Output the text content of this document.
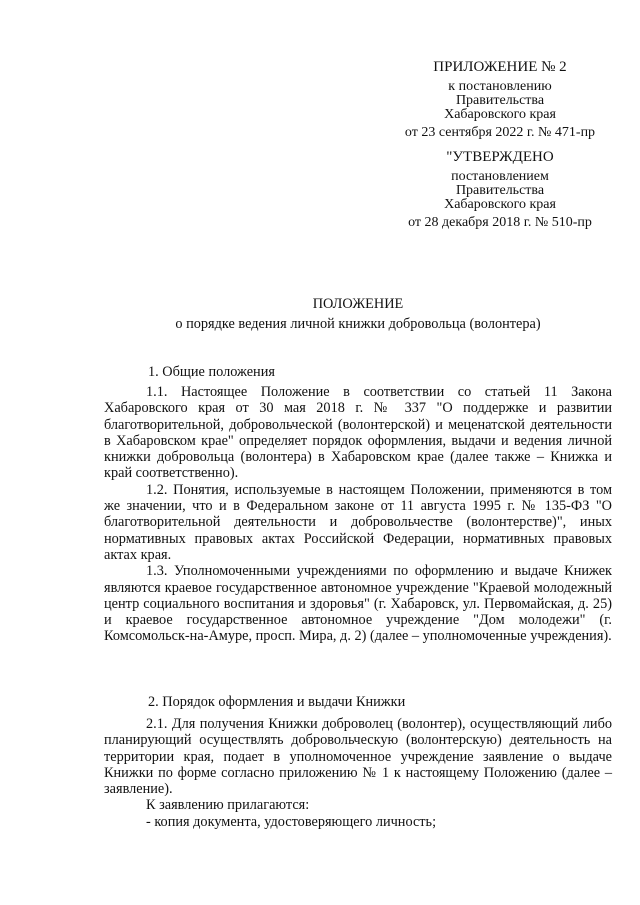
ПРИЛОЖЕНИЕ № 2
к постановлению
Правительства
Хабаровского края
от 23 сентября 2022 г. № 471-пр
"УТВЕРЖДЕНО
постановлением
Правительства
Хабаровского края
от 28 декабря 2018 г. № 510-пр
ПОЛОЖЕНИЕ
о порядке ведения личной книжки добровольца (волонтера)
1. Общие положения

1.1. Настоящее Положение в соответствии со статьей 11 Закона Хабаровского края от 30 мая 2018 г. № 337 "О поддержке и развитии благотворительной, добровольческой (волонтерской) и меценатской деятельности в Хабаровском крае" определяет порядок оформления, выдачи и ведения личной книжки добровольца (волонтера) в Хабаровском крае (далее также – Книжка и край соответственно).

1.2. Понятия, используемые в настоящем Положении, применяются в том же значении, что и в Федеральном законе от 11 августа 1995 г. № 135-ФЗ "О благотворительной деятельности и добровольчестве (волонтерстве)", иных нормативных правовых актах Российской Федерации, нормативных правовых актах края.

1.3. Уполномоченными учреждениями по оформлению и выдаче Книжек являются краевое государственное автономное учреждение "Краевой молодежный центр социального воспитания и здоровья" (г. Хабаровск, ул. Первомайская, д. 25) и краевое государственное автономное учреждение "Дом молодежи" (г. Комсомольск-на-Амуре, просп. Мира, д. 2) (далее – уполномоченные учреждения).

2. Порядок оформления и выдачи Книжки

2.1. Для получения Книжки доброволец (волонтер), осуществляющий либо планирующий осуществлять добровольческую (волонтерскую) деятельность на территории края, подает в уполномоченное учреждение заявление о выдаче Книжки по форме согласно приложению № 1 к настоящему Положению (далее – заявление).

К заявлению прилагаются:

- копия документа, удостоверяющего личность;
